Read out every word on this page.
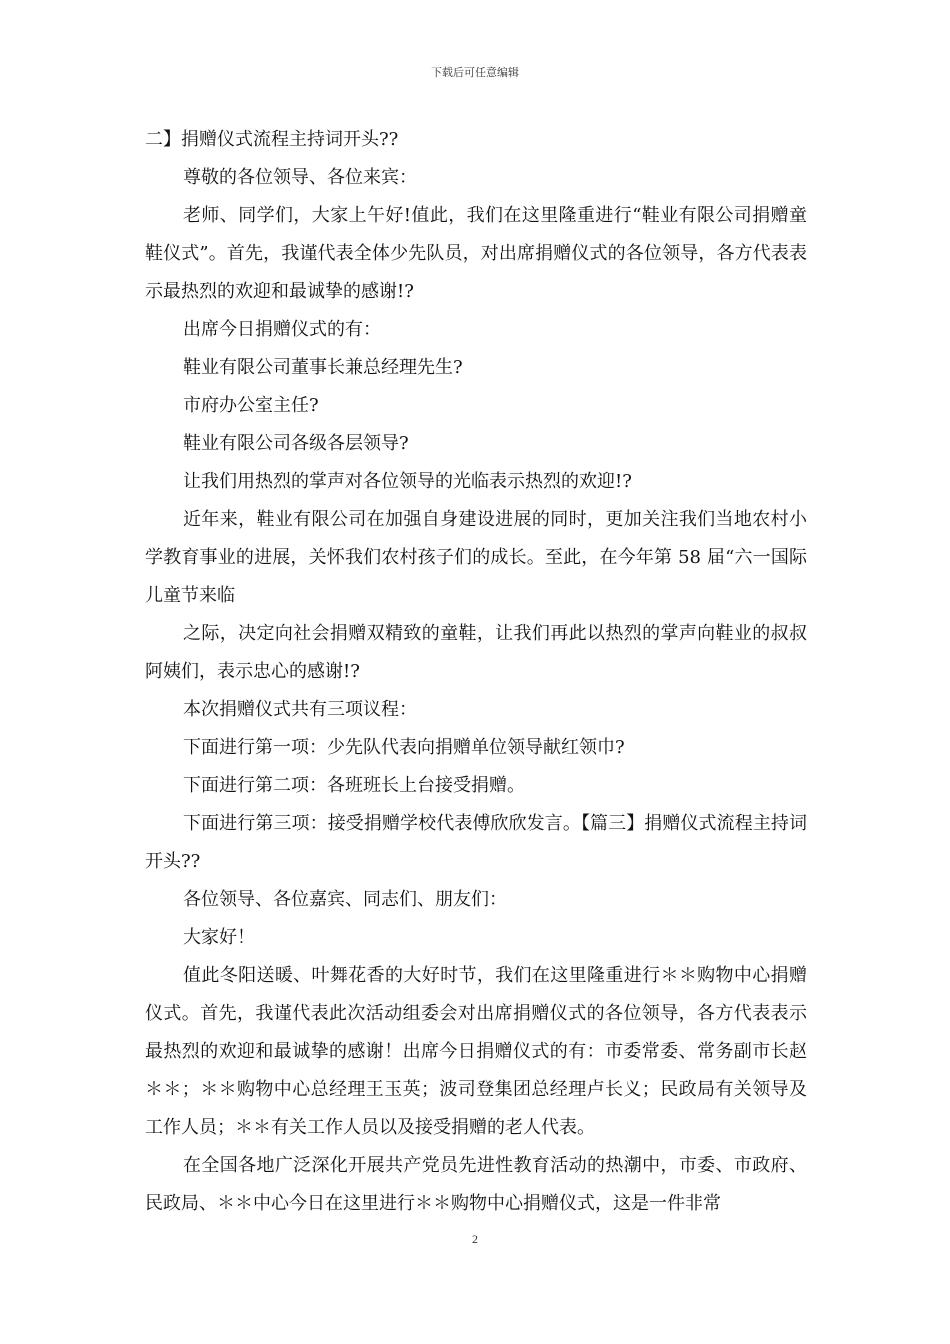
下载后可任意编辑

二】捐赠仪式流程主持词开头??

尊敬的各位领导、各位来宾：

老师、同学们，大家上午好!值此，我们在这里隆重进行“鞋业有限公司捐赠童鞋仪式”。首先，我谨代表全体少先队员，对出席捐赠仪式的各位领导，各方代表表示最热烈的欢迎和最诚挚的感谢!?

出席今日捐赠仪式的有：

鞋业有限公司董事长兼总经理先生?

市府办公室主任?

鞋业有限公司各级各层领导?

让我们用热烈的掌声对各位领导的光临表示热烈的欢迎!?

近年来，鞋业有限公司在加强自身建设进展的同时，更加关注我们当地农村小学教育事业的进展，关怀我们农村孩子们的成长。至此，在今年第 58 届“六一国际儿童节来临

之际，决定向社会捐赠双精致的童鞋，让我们再此以热烈的掌声向鞋业的叔叔阿姨们，表示忠心的感谢!?

本次捐赠仪式共有三项议程：

下面进行第一项：少先队代表向捐赠单位领导献红领巾?

下面进行第二项：各班班长上台接受捐赠。

下面进行第三项：接受捐赠学校代表傅欣欣发言。【篇三】捐赠仪式流程主持词开头??

各位领导、各位嘉宾、同志们、朋友们：

大家好！

值此冬阳送暖、叶舞花香的大好时节，我们在这里隆重进行＊＊购物中心捐赠仪式。首先，我谨代表此次活动组委会对出席捐赠仪式的各位领导，各方代表表示最热烈的欢迎和最诚挚的感谢！出席今日捐赠仪式的有：市委常委、常务副市长赵＊＊；＊＊购物中心总经理王玉英；波司登集团总经理卢长义；民政局有关领导及工作人员；＊＊有关工作人员以及接受捐赠的老人代表。

在全国各地广泛深化开展共产党员先进性教育活动的热潮中，市委、市政府、民政局、＊＊中心今日在这里进行＊＊购物中心捐赠仪式，这是一件非常

2
